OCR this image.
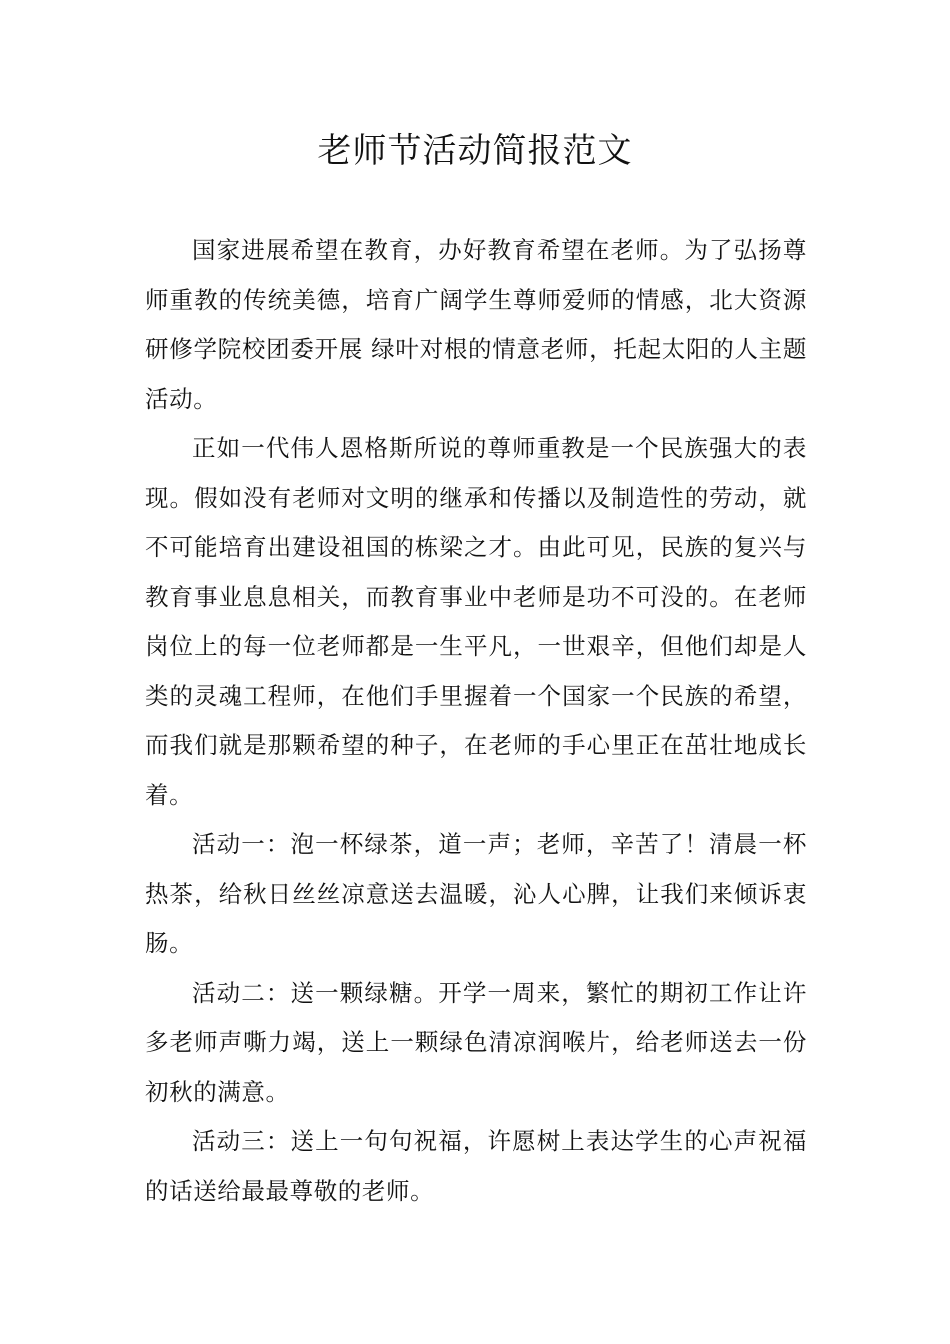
老师节活动简报范文

国家进展希望在教育，办好教育希望在老师。为了弘扬尊师重教的传统美德，培育广阔学生尊师爱师的情感，北大资源研修学院校团委开展 绿叶对根的情意老师，托起太阳的人主题活动。

正如一代伟人恩格斯所说的尊师重教是一个民族强大的表现。假如没有老师对文明的继承和传播以及制造性的劳动，就不可能培育出建设祖国的栋梁之才。由此可见，民族的复兴与教育事业息息相关，而教育事业中老师是功不可没的。在老师岗位上的每一位老师都是一生平凡，一世艰辛，但他们却是人类的灵魂工程师，在他们手里握着一个国家一个民族的希望，而我们就是那颗希望的种子，在老师的手心里正在茁壮地成长着。

活动一：泡一杯绿茶，道一声；老师，辛苦了！清晨一杯热茶，给秋日丝丝凉意送去温暖，沁人心脾，让我们来倾诉衷肠。

活动二：送一颗绿糖。开学一周来，繁忙的期初工作让许多老师声嘶力竭，送上一颗绿色清凉润喉片，给老师送去一份初秋的满意。

活动三：送上一句句祝福，许愿树上表达学生的心声祝福的话送给最最尊敬的老师。
